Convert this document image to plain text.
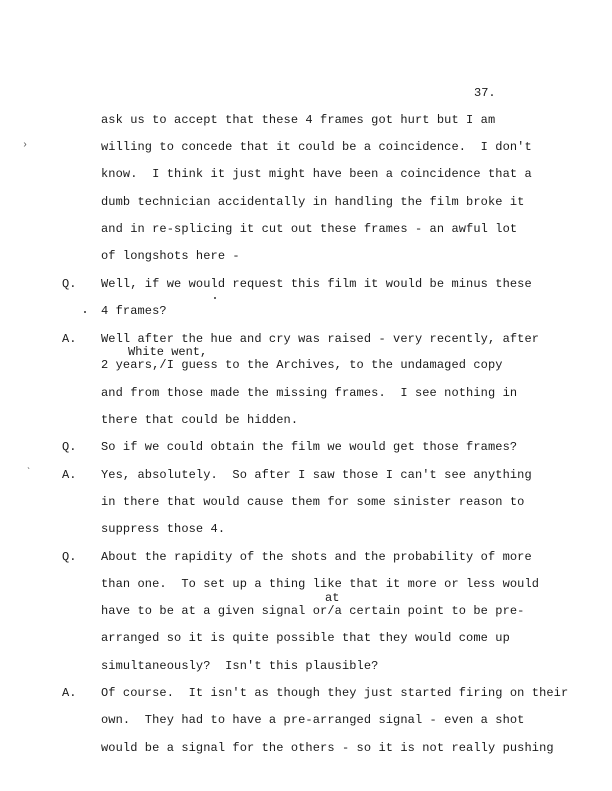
37.
›
ˋ
Q.
A.
Q.
A.
Q.
A.
ask us to accept that these 4 frames got hurt but I am
willing to concede that it could be a coincidence.  I don't
know.  I think it just might have been a coincidence that a
dumb technician accidentally in handling the film broke it
and in re-splicing it cut out these frames - an awful lot
of longshots here -
Well, if we would request this film it would be minus these
4 frames?
Well after the hue and cry was raised - very recently, after
White went,
2 years,/I guess to the Archives, to the undamaged copy
and from those made the missing frames.  I see nothing in
there that could be hidden.
So if we could obtain the film we would get those frames?
Yes, absolutely.  So after I saw those I can't see anything
in there that would cause them for some sinister reason to
suppress those 4.
About the rapidity of the shots and the probability of more
than one.  To set up a thing like that it more or less would
at
have to be at a given signal or/a certain point to be pre-
arranged so it is quite possible that they would come up
simultaneously?  Isn't this plausible?
Of course.  It isn't as though they just started firing on their
own.  They had to have a pre-arranged signal - even a shot
would be a signal for the others - so it is not really pushing
